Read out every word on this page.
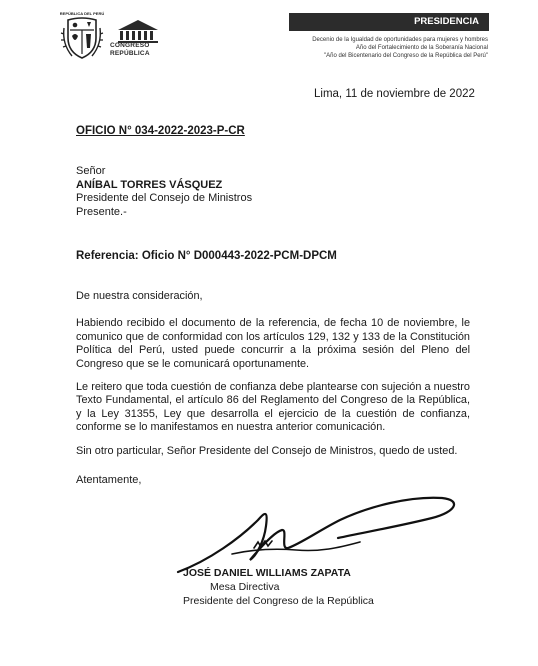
REPÚBLICA DEL PERÚ
CONGRESO
REPÚBLICA
PRESIDENCIA
Decenio de la Igualdad de oportunidades para mujeres y hombres
Año del Fortalecimiento de la Soberanía Nacional
"Año del Bicentenario del Congreso de la República del Perú"
Lima, 11 de noviembre de 2022
OFICIO N° 034-2022-2023-P-CR
Señor
ANÍBAL TORRES VÁSQUEZ
Presidente del Consejo de Ministros
Presente.-
Referencia: Oficio N° D000443-2022-PCM-DPCM

De nuestra consideración,

Habiendo recibido el documento de la referencia, de fecha 10 de noviembre, le comunico que de conformidad con los artículos 129, 132 y 133 de la Constitución Política del Perú, usted puede concurrir a la próxima sesión del Pleno del Congreso que se le comunicará oportunamente.

Le reitero que toda cuestión de confianza debe plantearse con sujeción a nuestro Texto Fundamental, el artículo 86 del Reglamento del Congreso de la República, y la Ley 31355, Ley que desarrolla el ejercicio de la cuestión de confianza, conforme se lo manifestamos en nuestra anterior comunicación.

Sin otro particular, Señor Presidente del Consejo de Ministros, quedo de usted.

Atentamente,
JOSÉ DANIEL WILLIAMS ZAPATA
Mesa Directiva
Presidente del Congreso de la República
